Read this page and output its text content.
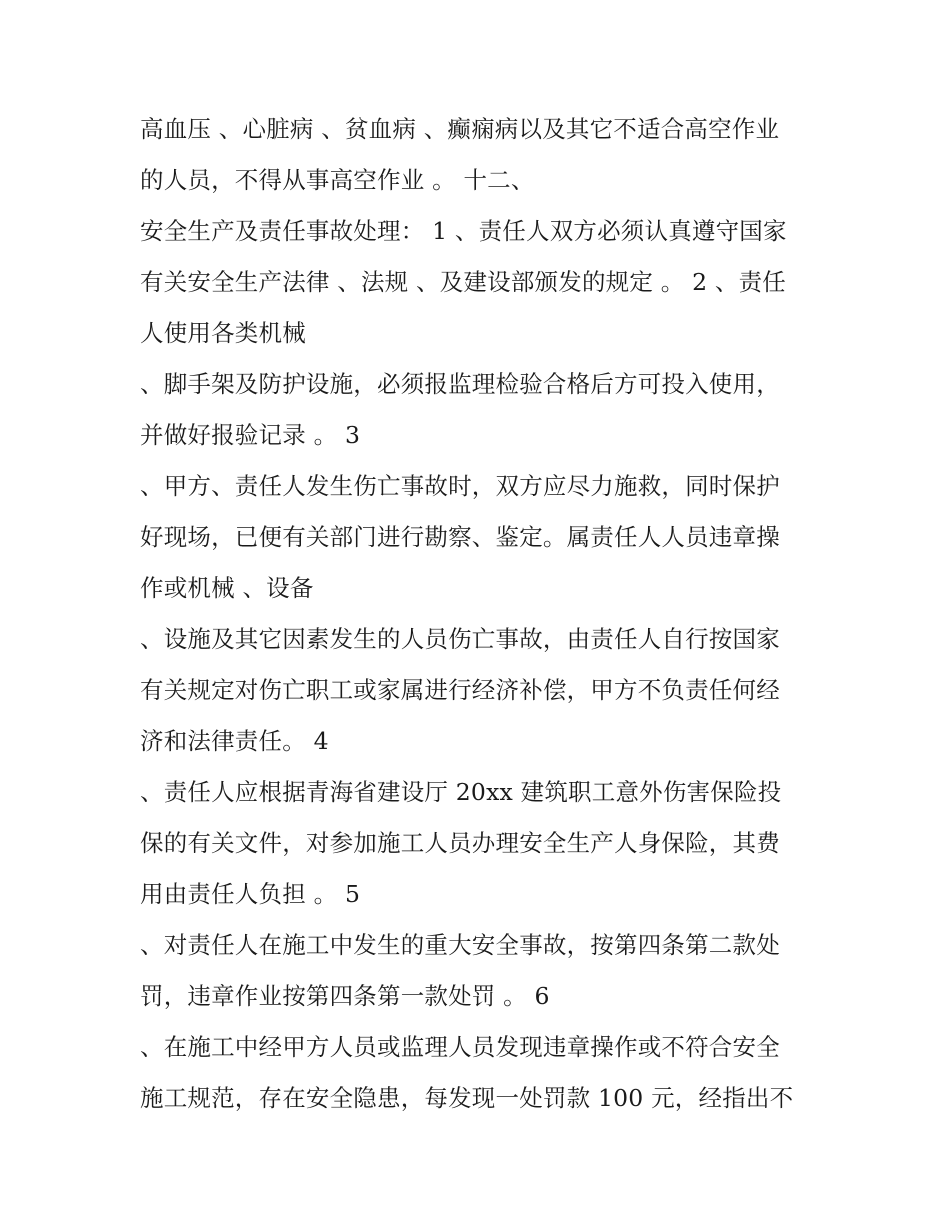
高血压 、心脏病 、贫血病 、癫痫病以及其它不适合高空作业
的人员，不得从事高空作业 。 十二、
安全生产及责任事故处理： 1 、责任人双方必须认真遵守国家
有关安全生产法律 、法规 、及建设部颁发的规定 。 2 、责任
人使用各类机械
、脚手架及防护设施，必须报监理检验合格后方可投入使用，
并做好报验记录 。 3
、甲方、责任人发生伤亡事故时，双方应尽力施救，同时保护
好现场，已便有关部门进行勘察、鉴定。属责任人人员违章操
作或机械 、设备
、设施及其它因素发生的人员伤亡事故，由责任人自行按国家
有关规定对伤亡职工或家属进行经济补偿，甲方不负责任何经
济和法律责任。 4
、责任人应根据青海省建设厅 20xx 建筑职工意外伤害保险投
保的有关文件，对参加施工人员办理安全生产人身保险，其费
用由责任人负担 。 5
、对责任人在施工中发生的重大安全事故，按第四条第二款处
罚，违章作业按第四条第一款处罚 。 6
、在施工中经甲方人员或监理人员发现违章操作或不符合安全
施工规范，存在安全隐患，每发现一处罚款 100 元，经指出不
